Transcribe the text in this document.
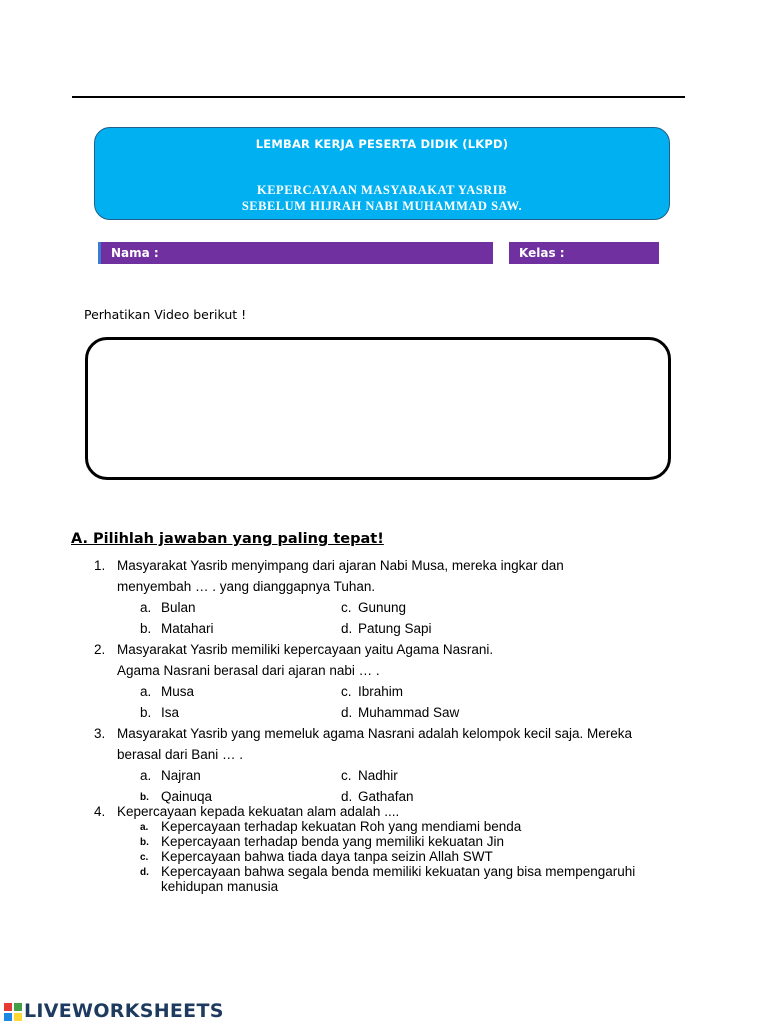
LEMBAR KERJA PESERTA DIDIK (LKPD)
KEPERCAYAAN MASYARAKAT YASRIB
SEBELUM HIJRAH NABI MUHAMMAD SAW.
Nama :	Kelas :
Perhatikan Video berikut !
A. Pilihlah jawaban yang paling tepat!
1. Masyarakat Yasrib menyimpang dari ajaran Nabi Musa, mereka ingkar dan
menyembah … . yang dianggapnya Tuhan.
a. Bulan	c. Gunung
b. Matahari	d. Patung Sapi
2. Masyarakat Yasrib memiliki kepercayaan yaitu Agama Nasrani.
Agama Nasrani berasal dari ajaran nabi … .
a. Musa	c. Ibrahim
b. Isa	d. Muhammad Saw
3. Masyarakat Yasrib yang memeluk agama Nasrani adalah kelompok kecil saja. Mereka
berasal dari Bani … .
a. Najran	c. Nadhir
b. Qainuqa	d. Gathafan
4. Kepercayaan kepada kekuatan alam adalah ....
a. Kepercayaan terhadap kekuatan Roh yang mendiami benda
b. Kepercayaan terhadap benda yang memiliki kekuatan Jin
c. Kepercayaan bahwa tiada daya tanpa seizin Allah SWT
d. Kepercayaan bahwa segala benda memiliki kekuatan yang bisa mempengaruhi
kehidupan manusia
LIVEWORKSHEETS
